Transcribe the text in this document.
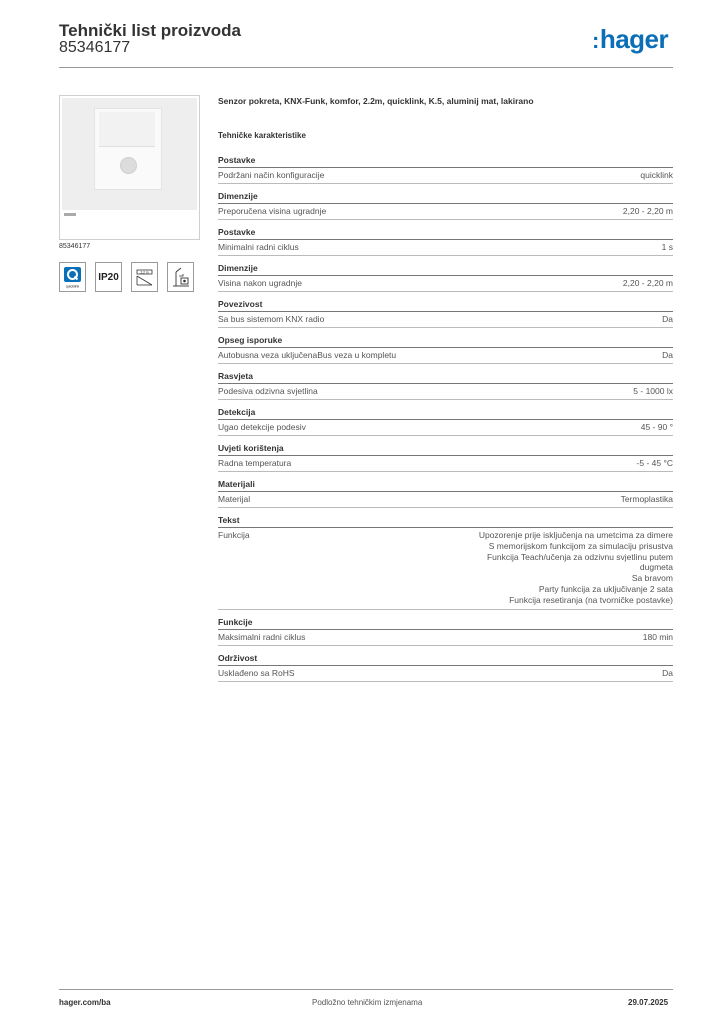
Tehnički list proizvoda
85346177	:hager
85346177
quicklink
IP20	2,2 m
Senzor pokreta, KNX-Funk, komfor, 2.2m, quicklink, K.5, aluminij mat, lakirano
Tehničke karakteristike
Postavke
Podržani način konfiguracije	quicklink
Dimenzije
Preporučena visina ugradnje	2,20 - 2,20 m
Postavke
Minimalni radni ciklus	1 s
Dimenzije
Visina nakon ugradnje	2,20 - 2,20 m
Povezivost
Sa bus sistemom KNX radio	Da
Opseg isporuke
Autobusna veza uključenaBus veza u kompletu	Da
Rasvjeta
Podesiva odzivna svjetlina	5 - 1000 lx
Detekcija
Ugao detekcije podesiv	45 - 90 °
Uvjeti korištenja
Radna temperatura	-5 - 45 °C
Materijali
Materijal	Termoplastika
Tekst
Funkcija	Upozorenje prije isključenja na umetcima za dimere
S memorijskom funkcijom za simulaciju prisustva
Funkcija Teach/učenja za odzivnu svjetlinu putem
dugmeta
Sa bravom
Party funkcija za uključivanje 2 sata
Funkcija resetiranja (na tvorničke postavke)
Funkcije
Maksimalni radni ciklus	180 min
Održivost
Usklađeno sa RoHS	Da
hager.com/ba	Podložno tehničkim izmjenama	29.07.2025
